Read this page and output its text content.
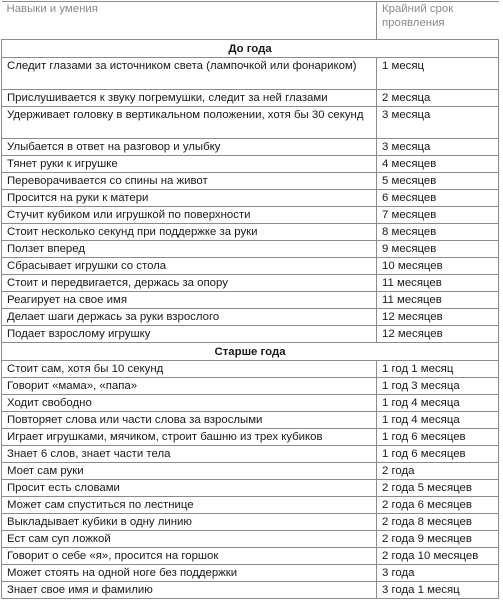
Навыки и умения	Крайний срок проявления
До года	
Следит глазами за источником света (лампочкой или фонариком)	1 месяц
Прислушивается к звуку погремушки, следит за ней глазами	2 месяца
Удерживает головку в вертикальном положении, хотя бы 30 секунд	3 месяца
Улыбается в ответ на разговор и улыбку	3 месяца
Тянет руки к игрушке	4 месяцев
Переворачивается со спины на живот	5 месяцев
Просится на руки к матери	6 месяцев
Стучит кубиком или игрушкой по поверхности	7 месяцев
Стоит несколько секунд при поддержке за руки	8 месяцев
Ползет вперед	9 месяцев
Сбрасывает игрушки со стола	10 месяцев
Стоит и передвигается, держась за опору	11 месяцев
Реагирует на свое имя	11 месяцев
Делает шаги держась за руки взрослого	12 месяцев
Подает взрослому игрушку	12 месяцев
Старше года	
Стоит сам, хотя бы 10 секунд	1 год 1 месяц
Говорит «мама», «папа»	1 год 3 месяца
Ходит свободно	1 год 4 месяца
Повторяет слова или части слова за взрослыми	1 год 4 месяца
Играет игрушками, мячиком, строит башню из трех кубиков	1 год 6 месяцев
Знает 6 слов, знает части тела	1 год 6 месяцев
Моет сам руки	2 года
Просит есть словами	2 года 5 месяцев
Может сам спуститься по лестнице	2 года 6 месяцев
Выкладывает кубики в одну линию	2 года 8 месяцев
Ест сам суп ложкой	2 года 9 месяцев
Говорит о себе «я», просится на горшок	2 года 10 месяцев
Может стоять на одной ноге без поддержки	3 года
Знает свое имя и фамилию	3 года 1 месяц
